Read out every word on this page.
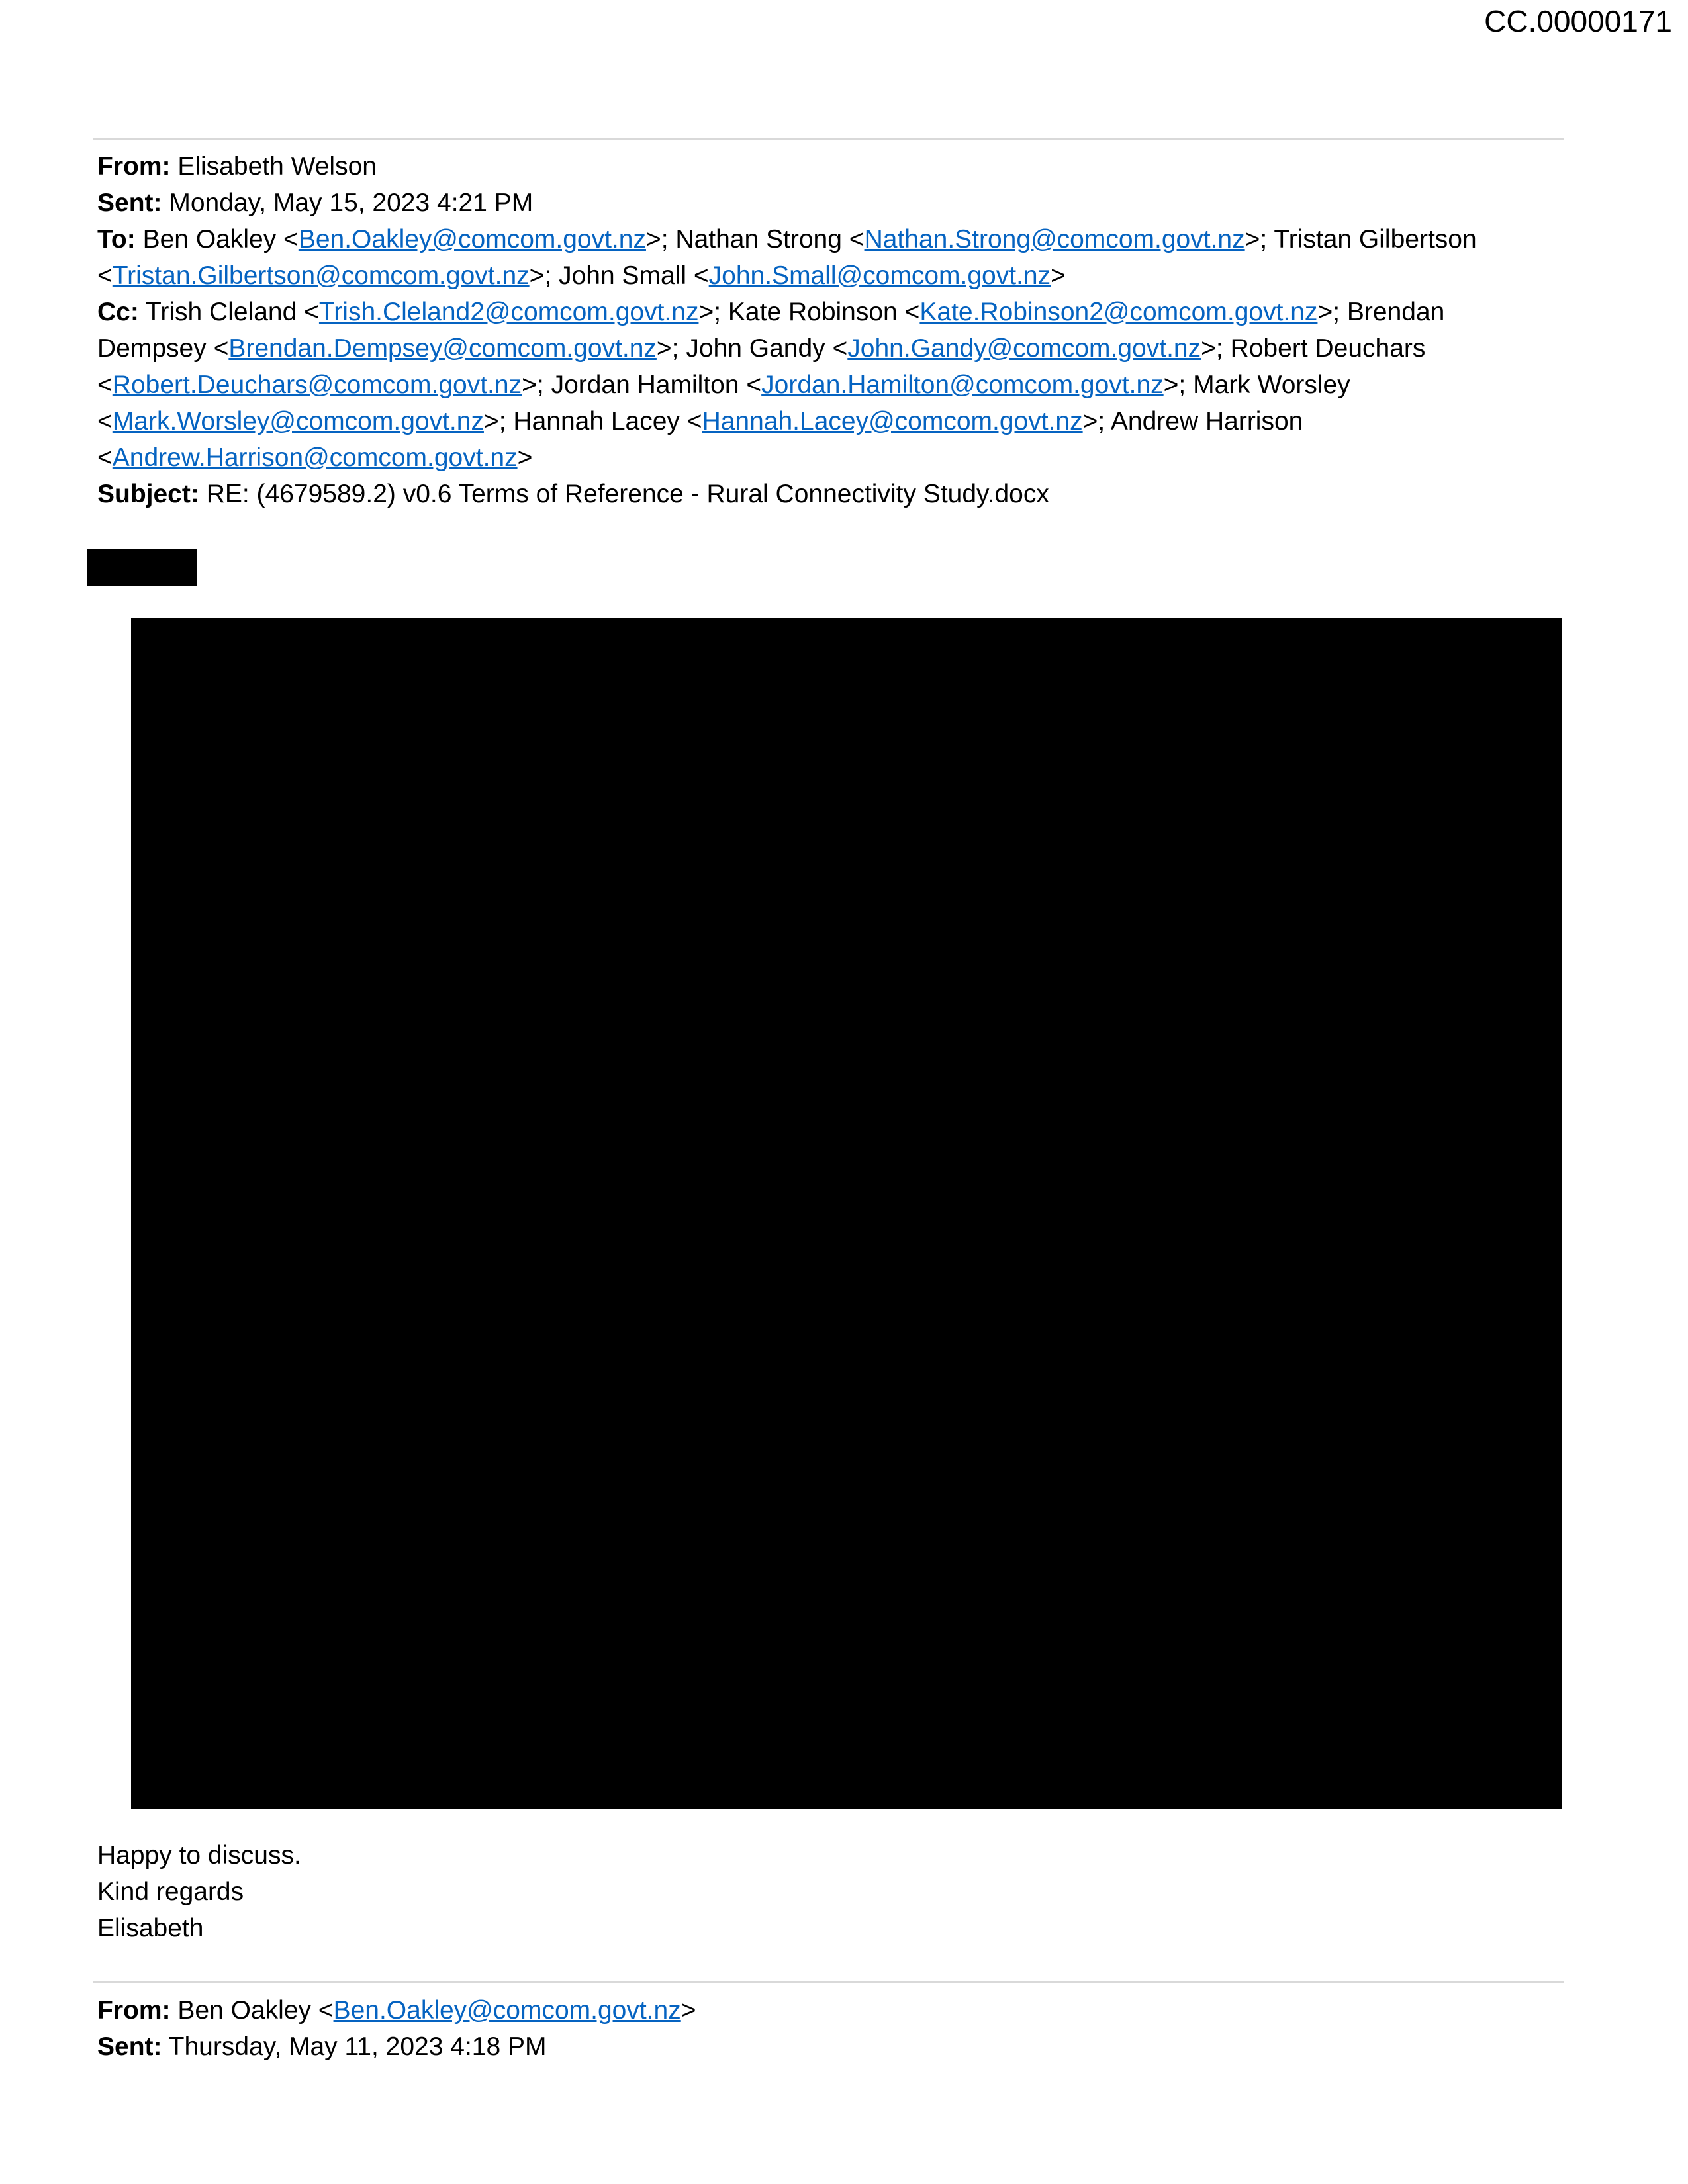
CC.00000171
From: Elisabeth Welson
Sent: Monday, May 15, 2023 4:21 PM
To: Ben Oakley <Ben.Oakley@comcom.govt.nz>; Nathan Strong <Nathan.Strong@comcom.govt.nz>; Tristan Gilbertson
<Tristan.Gilbertson@comcom.govt.nz>; John Small <John.Small@comcom.govt.nz>
Cc: Trish Cleland <Trish.Cleland2@comcom.govt.nz>; Kate Robinson <Kate.Robinson2@comcom.govt.nz>; Brendan
Dempsey <Brendan.Dempsey@comcom.govt.nz>; John Gandy <John.Gandy@comcom.govt.nz>; Robert Deuchars
<Robert.Deuchars@comcom.govt.nz>; Jordan Hamilton <Jordan.Hamilton@comcom.govt.nz>; Mark Worsley
<Mark.Worsley@comcom.govt.nz>; Hannah Lacey <Hannah.Lacey@comcom.govt.nz>; Andrew Harrison
<Andrew.Harrison@comcom.govt.nz>
Subject: RE: (4679589.2) v0.6 Terms of Reference - Rural Connectivity Study.docx
Happy to discuss.
Kind regards
Elisabeth
From: Ben Oakley <Ben.Oakley@comcom.govt.nz>
Sent: Thursday, May 11, 2023 4:18 PM
